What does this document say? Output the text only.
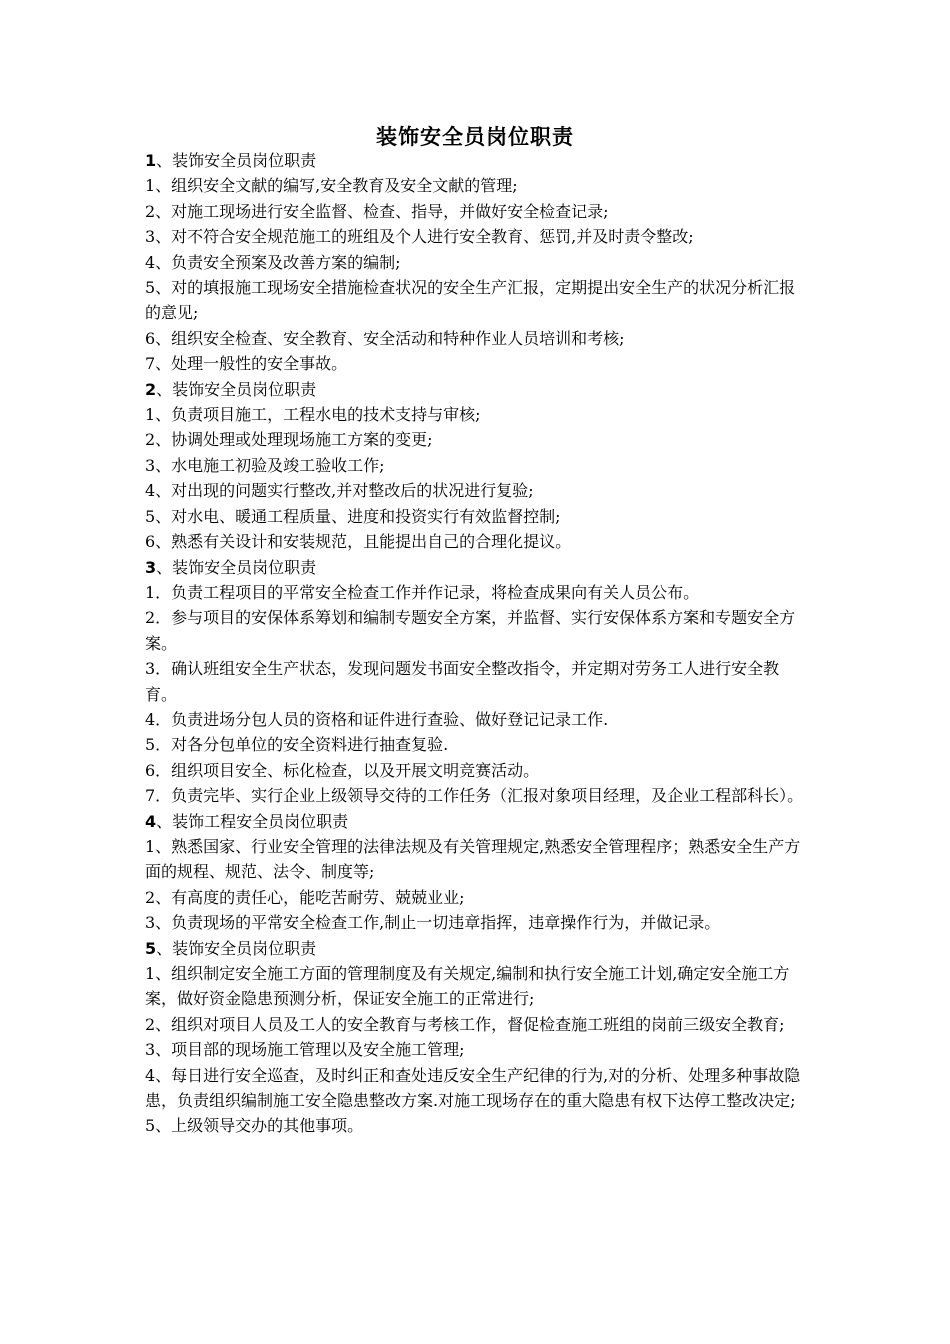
装饰安全员岗位职责

1、装饰安全员岗位职责

1、组织安全文献的编写,安全教育及安全文献的管理;

2、对施工现场进行安全监督、检查、指导，并做好安全检查记录;

3、对不符合安全规范施工的班组及个人进行安全教育、惩罚,并及时责令整改;

4、负责安全预案及改善方案的编制;

5、对的填报施工现场安全措施检查状况的安全生产汇报，定期提出安全生产的状况分析汇报的意见;

6、组织安全检查、安全教育、安全活动和特种作业人员培训和考核;

7、处理一般性的安全事故。

2、装饰安全员岗位职责

1、负责项目施工，工程水电的技术支持与审核;

2、协调处理或处理现场施工方案的变更;

3、水电施工初验及竣工验收工作;

4、对出现的问题实行整改,并对整改后的状况进行复验;

5、对水电、暖通工程质量、进度和投资实行有效监督控制;

6、熟悉有关设计和安装规范，且能提出自己的合理化提议。

3、装饰安全员岗位职责

1．负责工程项目的平常安全检查工作并作记录，将检查成果向有关人员公布。

2．参与项目的安保体系筹划和编制专题安全方案，并监督、实行安保体系方案和专题安全方案。

3．确认班组安全生产状态，发现问题发书面安全整改指令，并定期对劳务工人进行安全教育。

4．负责进场分包人员的资格和证件进行查验、做好登记记录工作.

5．对各分包单位的安全资料进行抽查复验.

6．组织项目安全、标化检查，以及开展文明竞赛活动。

7．负责完毕、实行企业上级领导交待的工作任务（汇报对象项目经理，及企业工程部科长）。

4、装饰工程安全员岗位职责

1、熟悉国家、行业安全管理的法律法规及有关管理规定,熟悉安全管理程序；熟悉安全生产方面的规程、规范、法令、制度等;

2、有高度的责任心，能吃苦耐劳、兢兢业业;

3、负责现场的平常安全检查工作,制止一切违章指挥，违章操作行为，并做记录。

5、装饰安全员岗位职责

1、组织制定安全施工方面的管理制度及有关规定,编制和执行安全施工计划,确定安全施工方案，做好资金隐患预测分析，保证安全施工的正常进行;

2、组织对项目人员及工人的安全教育与考核工作，督促检查施工班组的岗前三级安全教育;

3、项目部的现场施工管理以及安全施工管理;

4、每日进行安全巡查，及时纠正和查处违反安全生产纪律的行为,对的分析、处理多种事故隐患，负责组织编制施工安全隐患整改方案.对施工现场存在的重大隐患有权下达停工整改决定;

5、上级领导交办的其他事项。
